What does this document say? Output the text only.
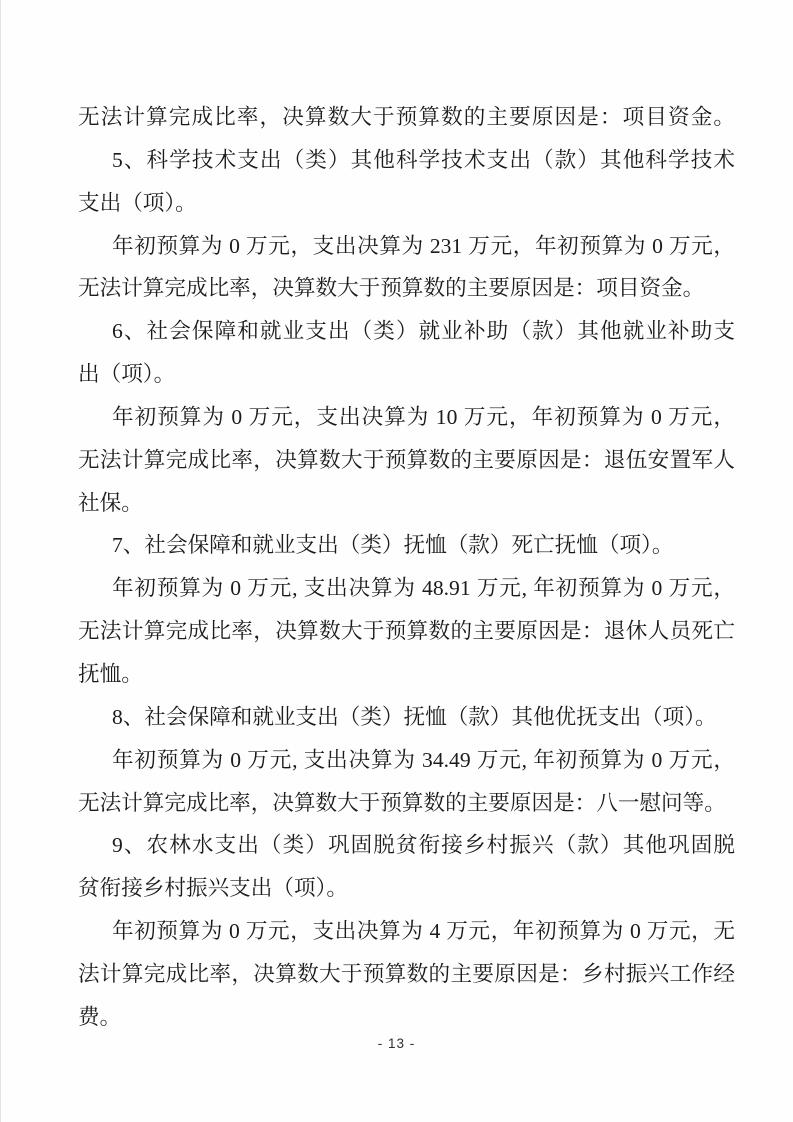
无法计算完成比率，决算数大于预算数的主要原因是：项目资金。
5、科学技术支出（类）其他科学技术支出（款）其他科学技术
支出（项）。
年初预算为 0 万元，支出决算为 231 万元，年初预算为 0 万元，
无法计算完成比率，决算数大于预算数的主要原因是：项目资金。
6、社会保障和就业支出（类）就业补助（款）其他就业补助支
出（项）。
年初预算为 0 万元，支出决算为 10 万元，年初预算为 0 万元，
无法计算完成比率，决算数大于预算数的主要原因是：退伍安置军人
社保。
7、社会保障和就业支出（类）抚恤（款）死亡抚恤（项）。
年初预算为 0 万元, 支出决算为 48.91 万元, 年初预算为 0 万元，
无法计算完成比率，决算数大于预算数的主要原因是：退休人员死亡
抚恤。
8、社会保障和就业支出（类）抚恤（款）其他优抚支出（项）。
年初预算为 0 万元, 支出决算为 34.49 万元, 年初预算为 0 万元，
无法计算完成比率，决算数大于预算数的主要原因是：八一慰问等。
9、农林水支出（类）巩固脱贫衔接乡村振兴（款）其他巩固脱
贫衔接乡村振兴支出（项）。
年初预算为 0 万元，支出决算为 4 万元，年初预算为 0 万元，无
法计算完成比率，决算数大于预算数的主要原因是：乡村振兴工作经
费。
- 13 -
